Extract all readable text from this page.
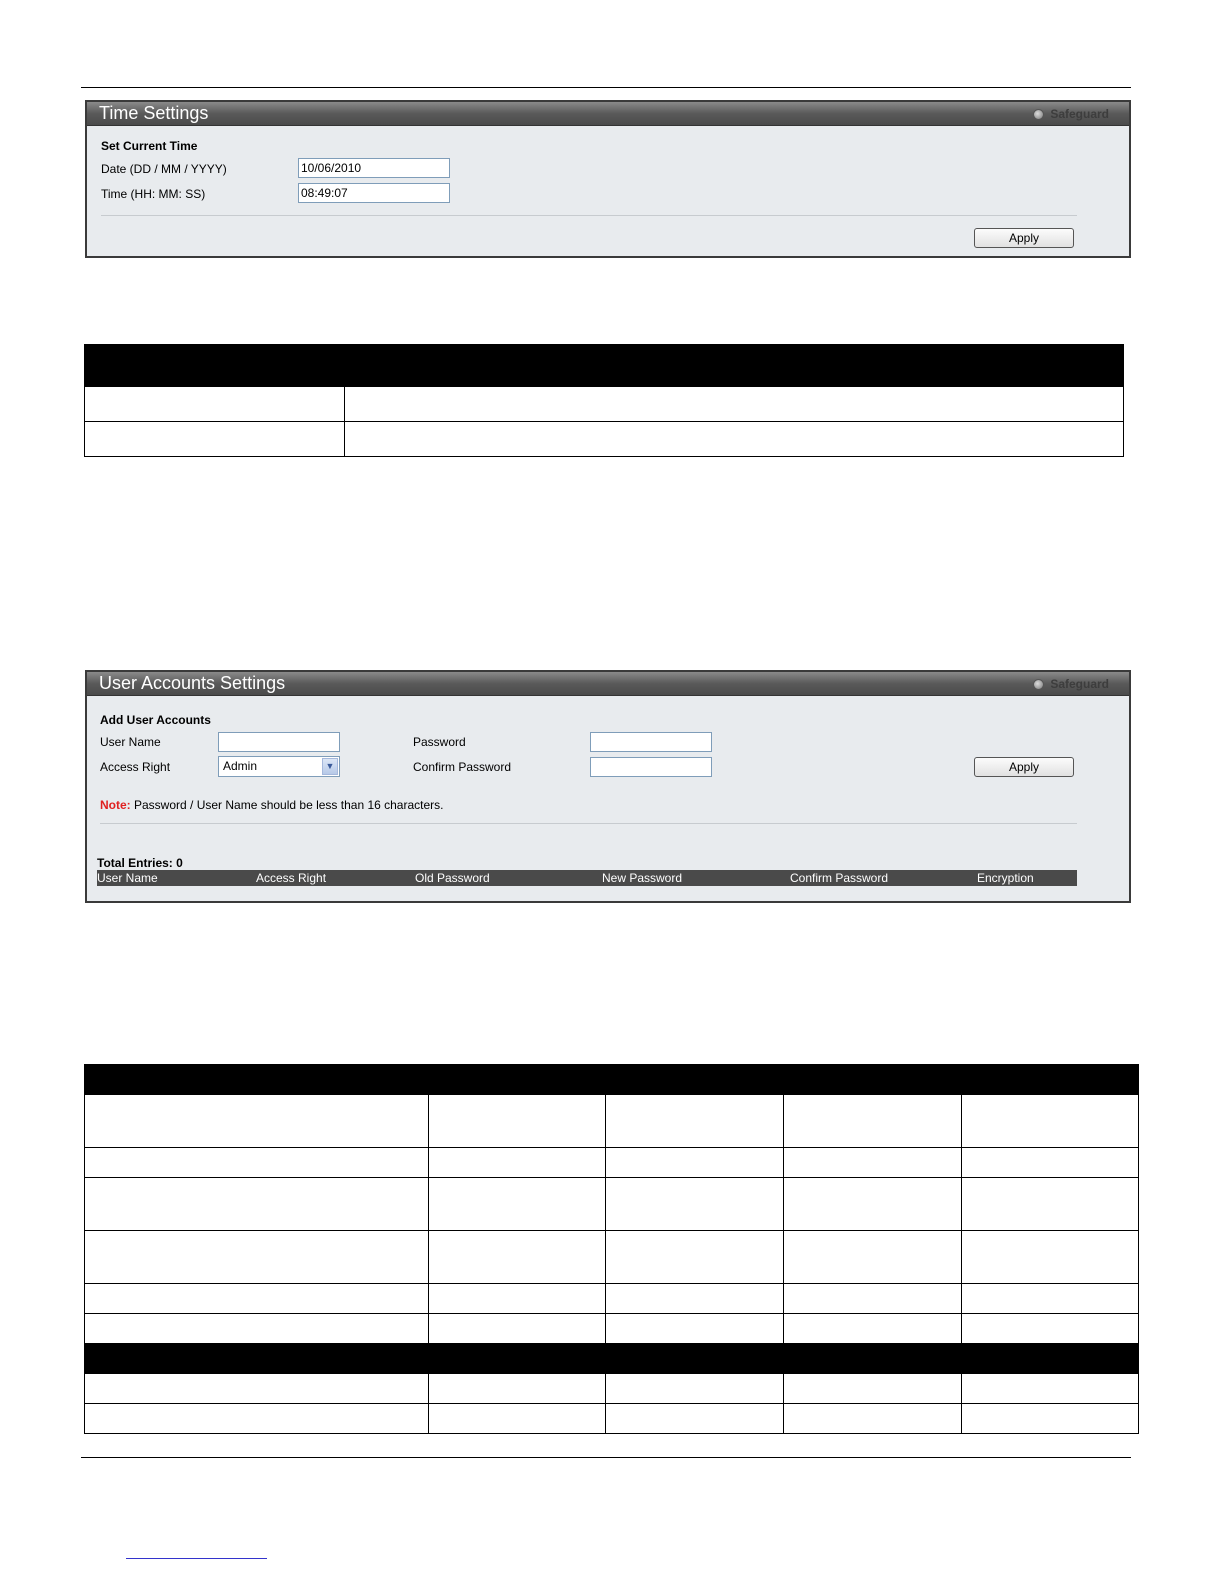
Time Settings	Safeguard
Set Current Time
Date (DD / MM / YYYY)
10/06/2010
Time (HH: MM: SS)
08:49:07
Apply

User Accounts Settings	Safeguard
Add User Accounts
User Name	Password
Access Right	Admin	▼	Confirm Password	Apply
Note: Password / User Name should be less than 16 characters.
Total Entries: 0
User Name	Access Right	Old Password	New Password	Confirm Password	Encryption
